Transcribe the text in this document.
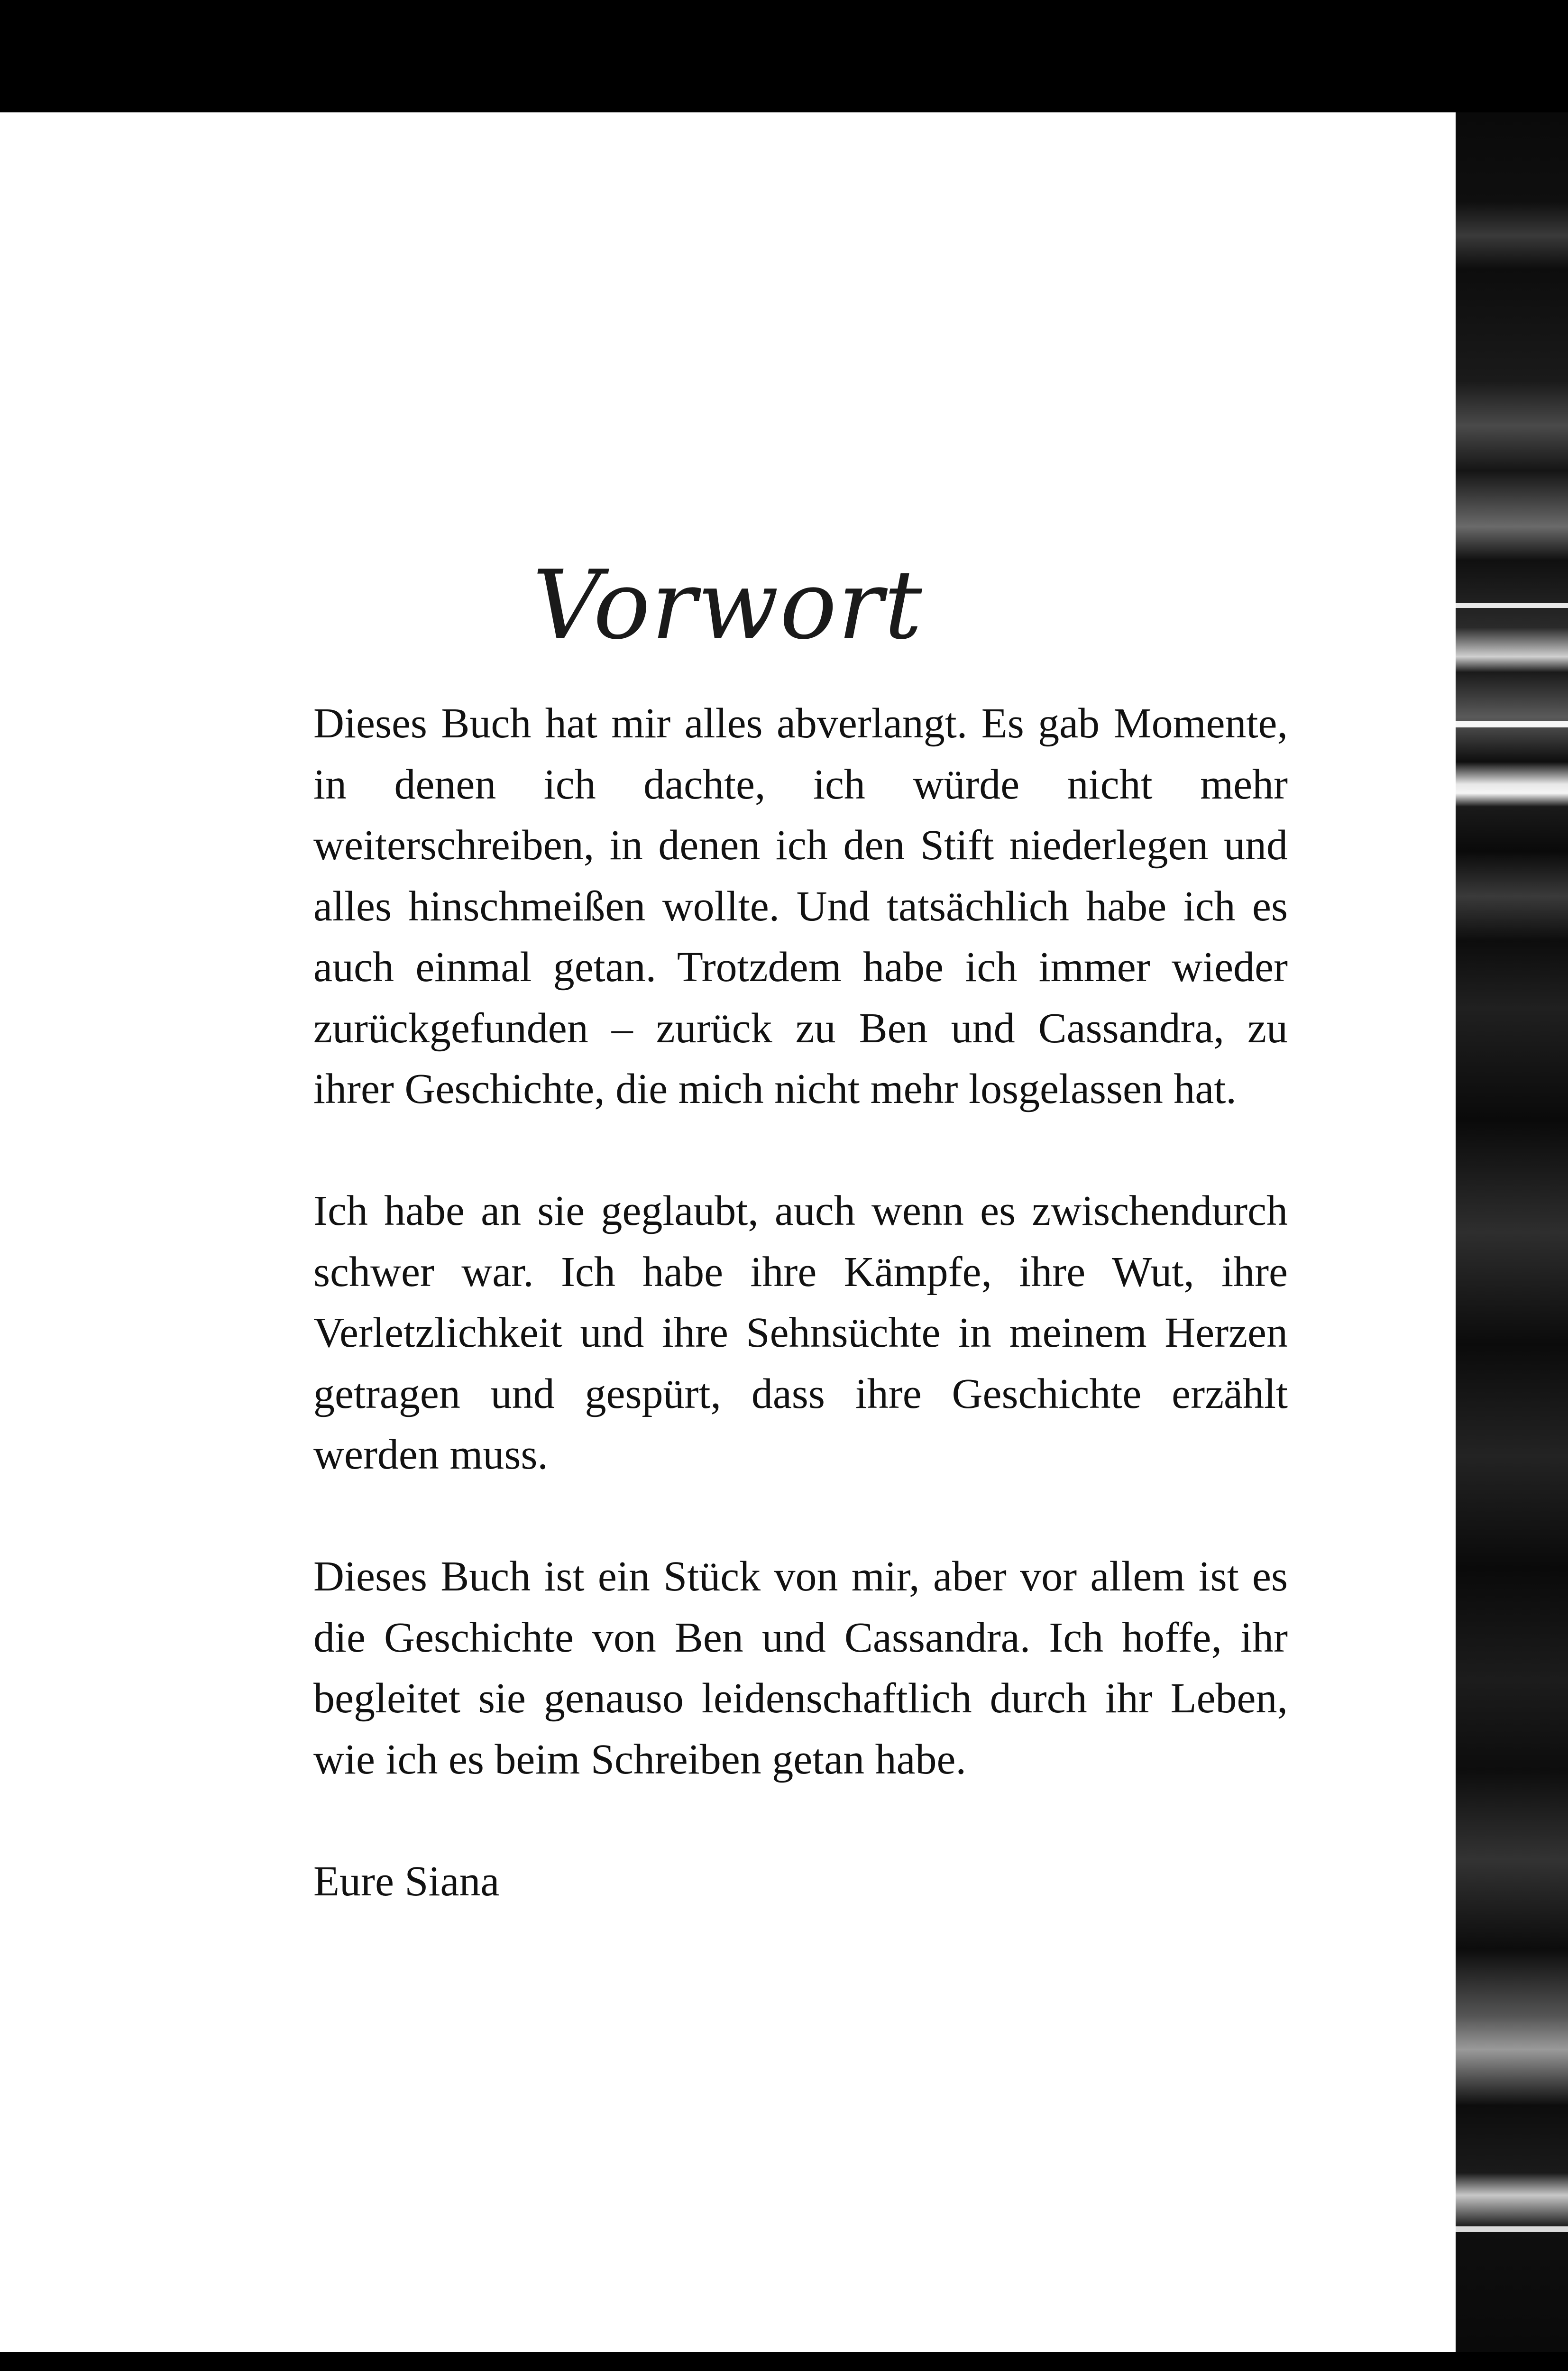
Vorwort

Dieses Buch hat mir alles abverlangt. Es gab Momente, in denen ich dachte, ich würde nicht mehr weiterschreiben, in denen ich den Stift niederlegen und alles hinschmeißen wollte. Und tatsächlich habe ich es auch einmal getan. Trotzdem habe ich immer wieder zurückgefunden – zurück zu Ben und Cassandra, zu ihrer Geschichte, die mich nicht mehr losgelassen hat.

Ich habe an sie geglaubt, auch wenn es zwischendurch schwer war. Ich habe ihre Kämpfe, ihre Wut, ihre Verletzlichkeit und ihre Sehnsüchte in meinem Herzen getragen und gespürt, dass ihre Geschichte erzählt werden muss.

Dieses Buch ist ein Stück von mir, aber vor allem ist es die Geschichte von Ben und Cassandra. Ich hoffe, ihr begleitet sie genauso leidenschaftlich durch ihr Leben, wie ich es beim Schreiben getan habe.

Eure Siana
